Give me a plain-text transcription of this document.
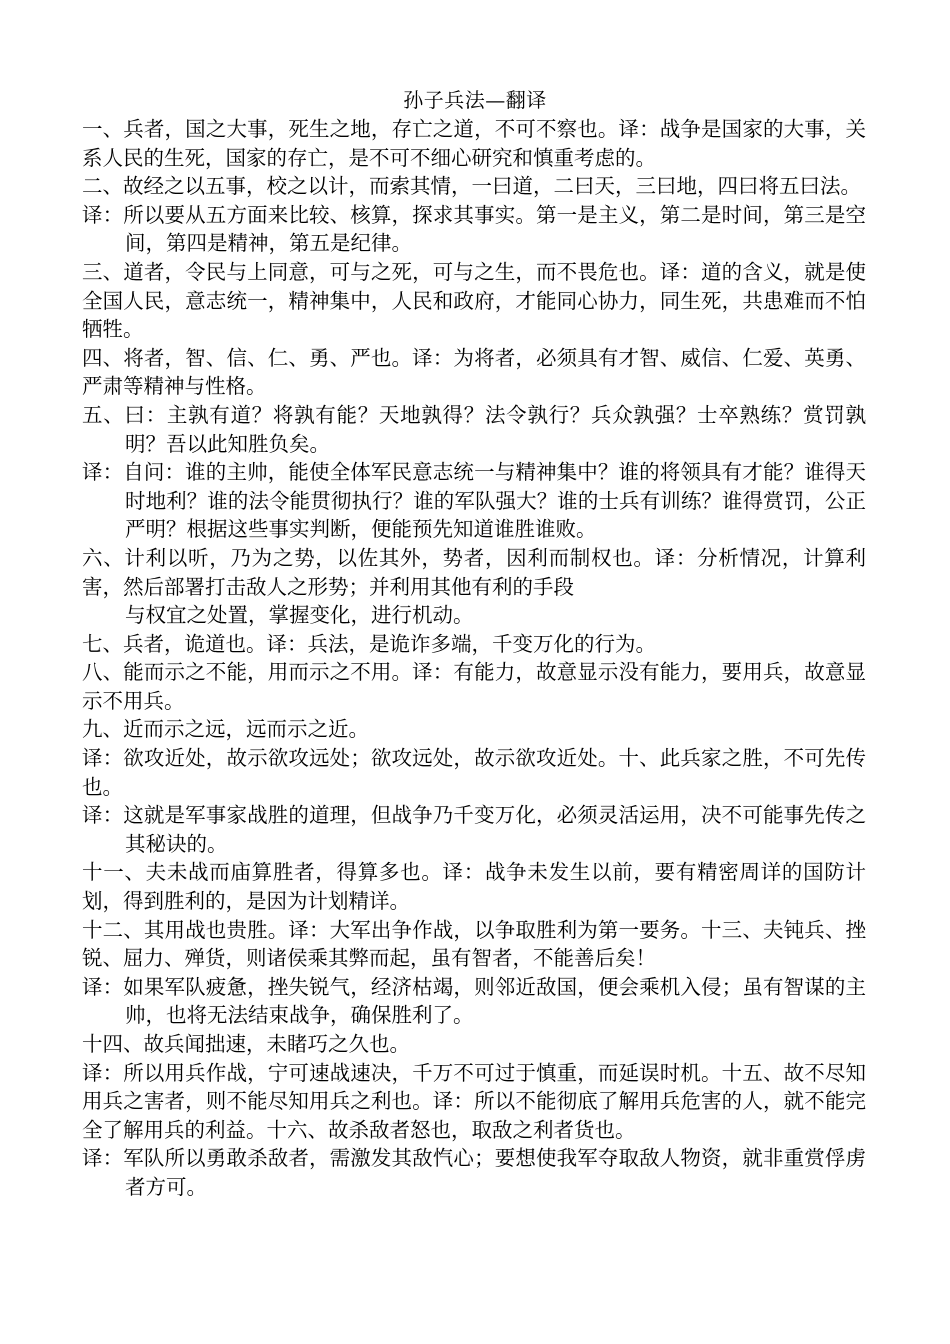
孙子兵法—翻译

一、兵者，国之大事，死生之地，存亡之道，不可不察也。译：战争是国家的大事，关系人民的生死，国家的存亡，是不可不细心研究和慎重考虑的。

二、故经之以五事，校之以计，而索其情，一曰道，二曰天，三曰地，四曰将五曰法。

译：所以要从五方面来比较、核算，探求其事实。第一是主义，第二是时间，第三是空间，第四是精神，第五是纪律。

三、道者，令民与上同意，可与之死，可与之生，而不畏危也。译：道的含义，就是使全国人民，意志统一，精神集中，人民和政府，才能同心协力，同生死，共患难而不怕牺牲。

四、将者，智、信、仁、勇、严也。译：为将者，必须具有才智、威信、仁爱、英勇、严肃等精神与性格。

五、曰：主孰有道？将孰有能？天地孰得？法令孰行？兵众孰强？士卒熟练？赏罚孰明？吾以此知胜负矣。

译：自问：谁的主帅，能使全体军民意志统一与精神集中？谁的将领具有才能？谁得天时地利？谁的法令能贯彻执行？谁的军队强大？谁的士兵有训练？谁得赏罚，公正严明？根据这些事实判断，便能预先知道谁胜谁败。

六、计利以听，乃为之势，以佐其外，势者，因利而制权也。译：分析情况，计算利害，然后部署打击敌人之形势；并利用其他有利的手段

与权宜之处置，掌握变化，进行机动。

七、兵者，诡道也。译：兵法，是诡诈多端，千变万化的行为。

八、能而示之不能，用而示之不用。译：有能力，故意显示没有能力，要用兵，故意显示不用兵。

九、近而示之远，远而示之近。

译：欲攻近处，故示欲攻远处；欲攻远处，故示欲攻近处。十、此兵家之胜，不可先传也。

译：这就是军事家战胜的道理，但战争乃千变万化，必须灵活运用，决不可能事先传之其秘诀的。

十一、夫未战而庙算胜者，得算多也。译：战争未发生以前，要有精密周详的国防计划，得到胜利的，是因为计划精详。

十二、其用战也贵胜。译：大军出争作战，以争取胜利为第一要务。十三、夫钝兵、挫锐、屈力、殚货，则诸侯乘其弊而起，虽有智者，不能善后矣！

译：如果军队疲惫，挫失锐气，经济枯竭，则邻近敌国，便会乘机入侵；虽有智谋的主帅，也将无法结束战争，确保胜利了。

十四、故兵闻拙速，未睹巧之久也。

译：所以用兵作战，宁可速战速决，千万不可过于慎重，而延误时机。十五、故不尽知用兵之害者，则不能尽知用兵之利也。译：所以不能彻底了解用兵危害的人，就不能完全了解用兵的利益。十六、故杀敌者怒也，取敌之利者货也。

译：军队所以勇敢杀敌者，需激发其敌忾心；要想使我军夺取敌人物资，就非重赏俘虏者方可。
